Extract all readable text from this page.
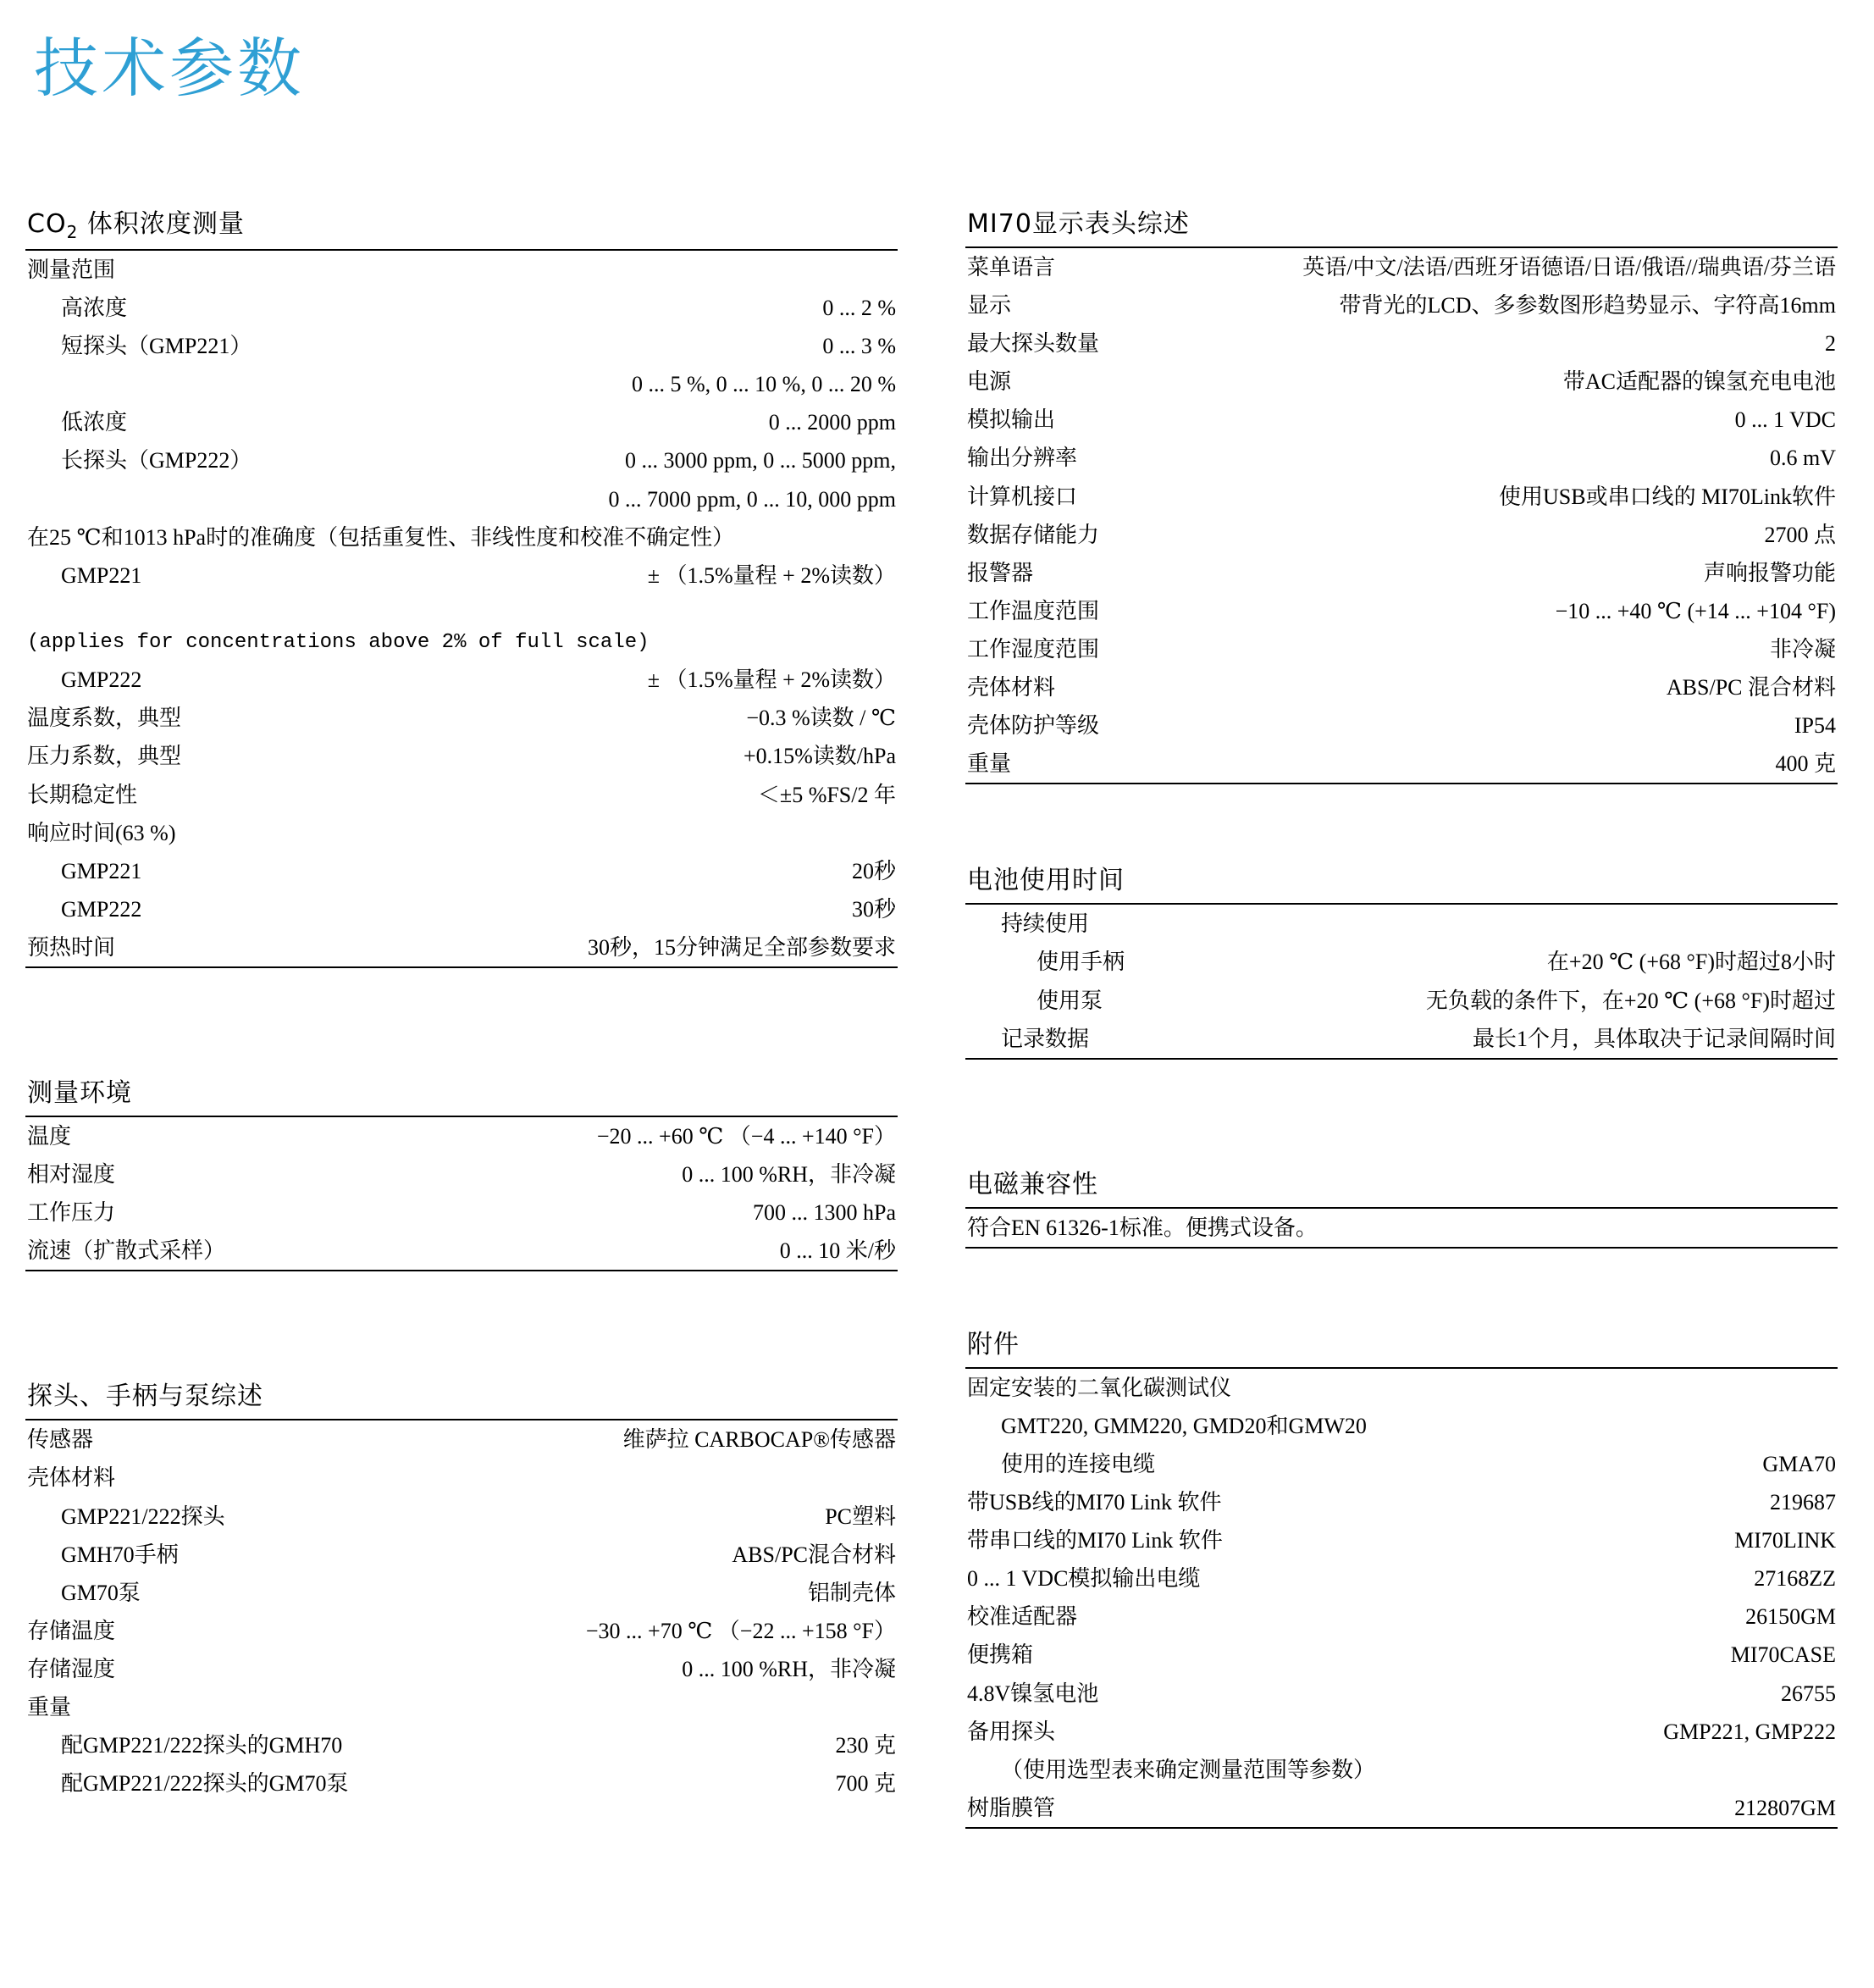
技术参数
$CO_2$ 体积浓度测量
测量范围	
高浓度	0 ... 2 %
短探头（GMP221）	0 ... 3 %
	0 ... 5 %, 0 ... 10 %, 0 ... 20 %
低浓度	0 ... 2000 ppm
长探头（GMP222）	0 ... 3000 ppm, 0 ... 5000 ppm,
	0 ... 7000 ppm, 0 ... 10, 000 ppm
在25 ℃和1013 hPa时的准确度（包括重复性、非线性度和校准不确定性）	
GMP221	± （1.5%量程 + 2%读数）

(applies for concentrations above 2% of full scale)	
GMP222	± （1.5%量程 + 2%读数）
温度系数，典型	−0.3 %读数 / ℃
压力系数，典型	+0.15%读数/hPa
长期稳定性	＜±5 %FS/2 年
响应时间(63 %)	
GMP221	20秒
GMP222	30秒
预热时间	30秒，15分钟满足全部参数要求
测量环境
温度	−20 ... +60 ℃ （−4 ... +140 °F）
相对湿度	0 ... 100 %RH，非冷凝
工作压力	700 ... 1300 hPa
流速（扩散式采样）	0 ... 10 米/秒
探头、手柄与泵综述
传感器	维萨拉 CARBOCAP®传感器
壳体材料	
GMP221/222探头	PC塑料
GMH70手柄	ABS/PC混合材料
GM70泵	铝制壳体
存储温度	−30 ... +70 ℃ （−22 ... +158 °F）
存储湿度	0 ... 100 %RH，非冷凝
重量	
配GMP221/222探头的GMH70	230 克
配GMP221/222探头的GM70泵	700 克
MI70显示表头综述
菜单语言	英语/中文/法语/西班牙语德语/日语/俄语//瑞典语/芬兰语
显示	带背光的LCD、多参数图形趋势显示、字符高16mm
最大探头数量	2
电源	带AC适配器的镍氢充电电池
模拟输出	0 ... 1 VDC
输出分辨率	0.6 mV
计算机接口	使用USB或串口线的 MI70Link软件
数据存储能力	2700 点
报警器	声响报警功能
工作温度范围	−10 ... +40 ℃ (+14 ... +104 °F)
工作湿度范围	非冷凝
壳体材料	ABS/PC 混合材料
壳体防护等级	IP54
重量	400 克
电池使用时间
持续使用	
使用手柄	在+20 ℃ (+68 °F)时超过8小时
使用泵	无负载的条件下，在+20 ℃ (+68 °F)时超过
记录数据	最长1个月，具体取决于记录间隔时间
电磁兼容性
符合EN 61326-1标准。便携式设备。
附件
固定安装的二氧化碳测试仪	
GMT220, GMM220, GMD20和GMW20	
使用的连接电缆	GMA70
带USB线的MI70 Link 软件	219687
带串口线的MI70 Link 软件	MI70LINK
0 ... 1 VDC模拟输出电缆	27168ZZ
校准适配器	26150GM
便携箱	MI70CASE
4.8V镍氢电池	26755
备用探头	GMP221, GMP222
（使用选型表来确定测量范围等参数）	
树脂膜管	212807GM
